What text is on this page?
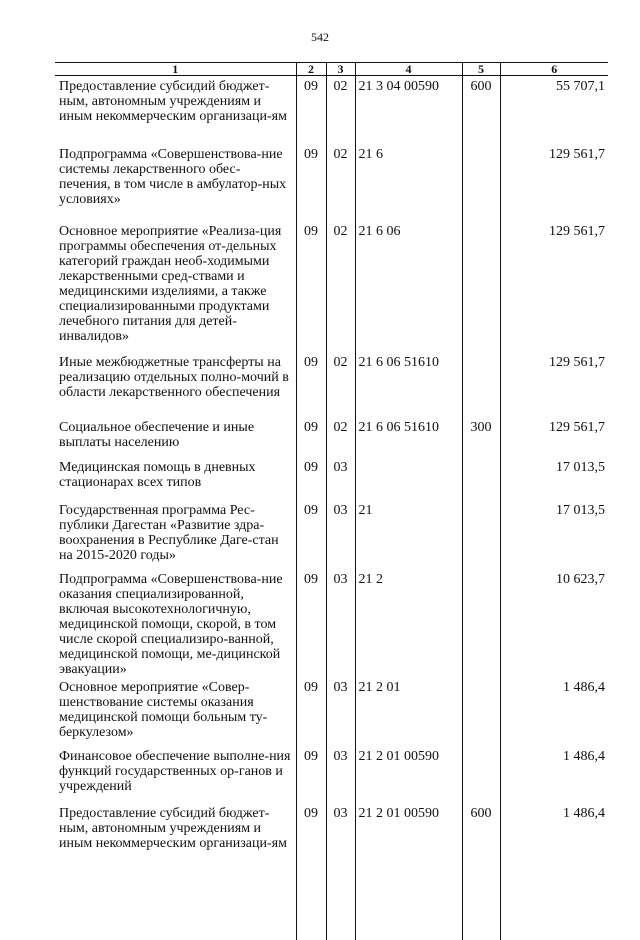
542
1	2	3	4	5	6
Предоставление субсидий бюджет-ным, автономным учреждениям и иным некоммерческим организаци-ям	09	02	21 3 04 00590	600	55 707,1
Подпрограмма «Совершенствова-ние системы лекарственного обес-печения, в том числе в амбулатор-ных условиях»	09	02	21 6		129 561,7
Основное мероприятие «Реализа-ция программы обеспечения от-дельных категорий граждан необ-ходимыми лекарственными сред-ствами и медицинскими изделиями, а также специализированными продуктами лечебного питания для детей-инвалидов»	09	02	21 6 06		129 561,7
Иные межбюджетные трансферты на реализацию отдельных полно-мочий в области лекарственного обеспечения	09	02	21 6 06 51610		129 561,7
Социальное обеспечение и иные выплаты населению	09	02	21 6 06 51610	300	129 561,7
Медицинская помощь в дневных стационарах всех типов	09	03			17 013,5
Государственная программа Рес-публики Дагестан «Развитие здра-воохранения в Республике Даге-стан на 2015-2020 годы»	09	03	21		17 013,5
Подпрограмма «Совершенствова-ние оказания специализированной, включая высокотехнологичную, медицинской помощи, скорой, в том числе скорой специализиро-ванной, медицинской помощи, ме-дицинской эвакуации»	09	03	21 2		10 623,7
Основное мероприятие «Совер-шенствование системы оказания медицинской помощи больным ту-беркулезом»	09	03	21 2 01		1 486,4
Финансовое обеспечение выполне-ния функций государственных ор-ганов и учреждений	09	03	21 2 01 00590		1 486,4
Предоставление субсидий бюджет-ным, автономным учреждениям и иным некоммерческим организаци-ям	09	03	21 2 01 00590	600	1 486,4
